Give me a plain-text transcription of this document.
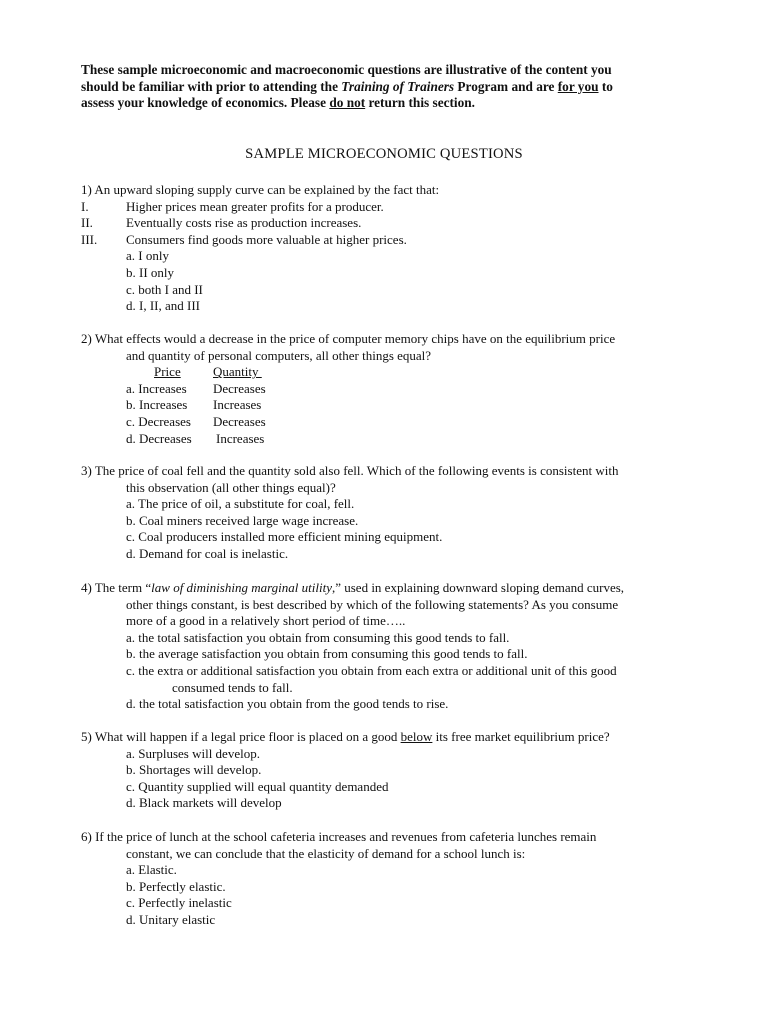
These sample microeconomic and macroeconomic questions are illustrative of the content you
should be familiar with prior to attending the Training of Trainers Program and are for you to
assess your knowledge of economics. Please do not return this section.
SAMPLE MICROECONOMIC QUESTIONS
1) An upward sloping supply curve can be explained by the fact that:
I.	Higher prices mean greater profits for a producer.
II.	Eventually costs rise as production increases.
III. Consumers find goods more valuable at higher prices.
a. I only
b. II only
c. both I and II
d. I, II, and III
2) What effects would a decrease in the price of computer memory chips have on the equilibrium price
and quantity of personal computers, all other things equal?
Price Quantity
a. Increases Decreases
b. Increases Increases
c. Decreases Decreases
d. Decreases Increases
3) The price of coal fell and the quantity sold also fell. Which of the following events is consistent with
this observation (all other things equal)?
a. The price of oil, a substitute for coal, fell.
b. Coal miners received large wage increase.
c. Coal producers installed more efficient mining equipment.
d. Demand for coal is inelastic.
4) The term “law of diminishing marginal utility,” used in explaining downward sloping demand curves,
other things constant, is best described by which of the following statements? As you consume
more of a good in a relatively short period of time…..
a. the total satisfaction you obtain from consuming this good tends to fall.
b. the average satisfaction you obtain from consuming this good tends to fall.
c. the extra or additional satisfaction you obtain from each extra or additional unit of this good
consumed tends to fall.
d. the total satisfaction you obtain from the good tends to rise.
5) What will happen if a legal price floor is placed on a good below its free market equilibrium price?
a. Surpluses will develop.
b. Shortages will develop.
c. Quantity supplied will equal quantity demanded
d. Black markets will develop
6) If the price of lunch at the school cafeteria increases and revenues from cafeteria lunches remain
constant, we can conclude that the elasticity of demand for a school lunch is:
a. Elastic.
b. Perfectly elastic.
c. Perfectly inelastic
d. Unitary elastic
